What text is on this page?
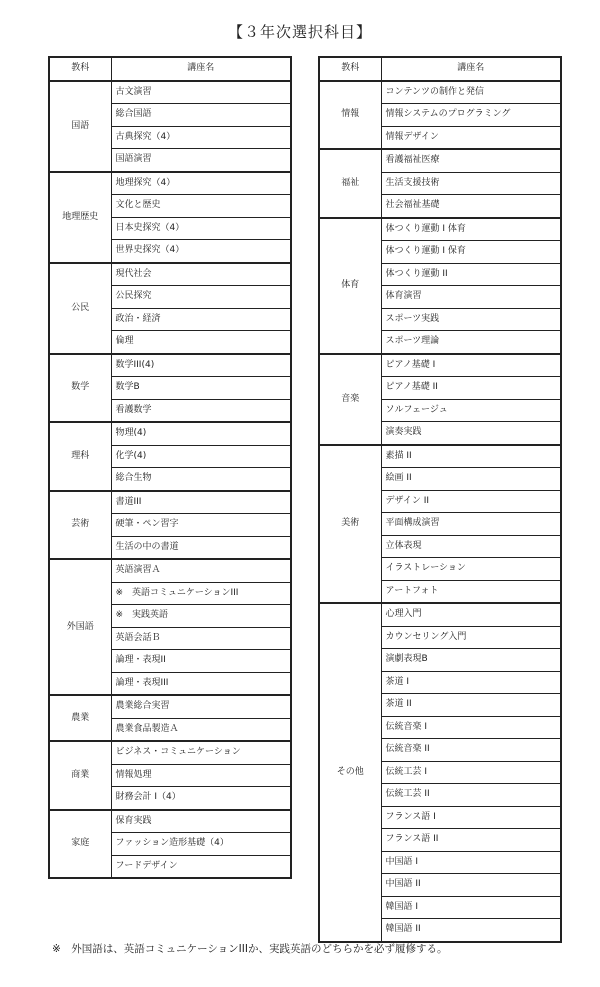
【３年次選択科目】
教科	講座名
国語	古文演習
	総合国語
	古典探究（4）
	国語演習
地理歴史	地理探究（4）
	文化と歴史
	日本史探究（4）
	世界史探究（4）
公民	現代社会
	公民探究
	政治・経済
	倫理
数学	数学III(4)
	数学B
	看護数学
理科	物理(4)
	化学(4)
	総合生物
芸術	書道III
	硬筆・ペン習字
	生活の中の書道
外国語	英語演習Ａ
	※　英語コミュニケーションIII
	※　実践英語
	英語会話Ｂ
	論理・表現II
	論理・表現III
農業	農業総合実習
	農業食品製造Ａ
商業	ビジネス・コミュニケーション
	情報処理
	財務会計 I（4）
家庭	保育実践
	ファッション造形基礎（4）
	フードデザイン
教科	講座名
情報	コンテンツの制作と発信
	情報システムのプログラミング
	情報デザイン
福祉	看護福祉医療
	生活支援技術
	社会福祉基礎
体育	体つくり運動 I 体育
	体つくり運動 I 保育
	体つくり運動 II
	体育演習
	スポーツ実践
	スポーツ理論
音楽	ピアノ基礎 I
	ピアノ基礎 II
	ソルフェージュ
	演奏実践
美術	素描 II
	絵画 II
	デザイン II
	平面構成演習
	立体表現
	イラストレーション
	アートフォト
その他	心理入門
	カウンセリング入門
	演劇表現B
	茶道 I
	茶道 II
	伝統音楽 I
	伝統音楽 II
	伝統工芸 I
	伝統工芸 II
	フランス語 I
	フランス語 II
	中国語 I
	中国語 II
	韓国語 I
	韓国語 II
※　外国語は、英語コミュニケーションIIIか、実践英語のどちらかを必ず履修する。
